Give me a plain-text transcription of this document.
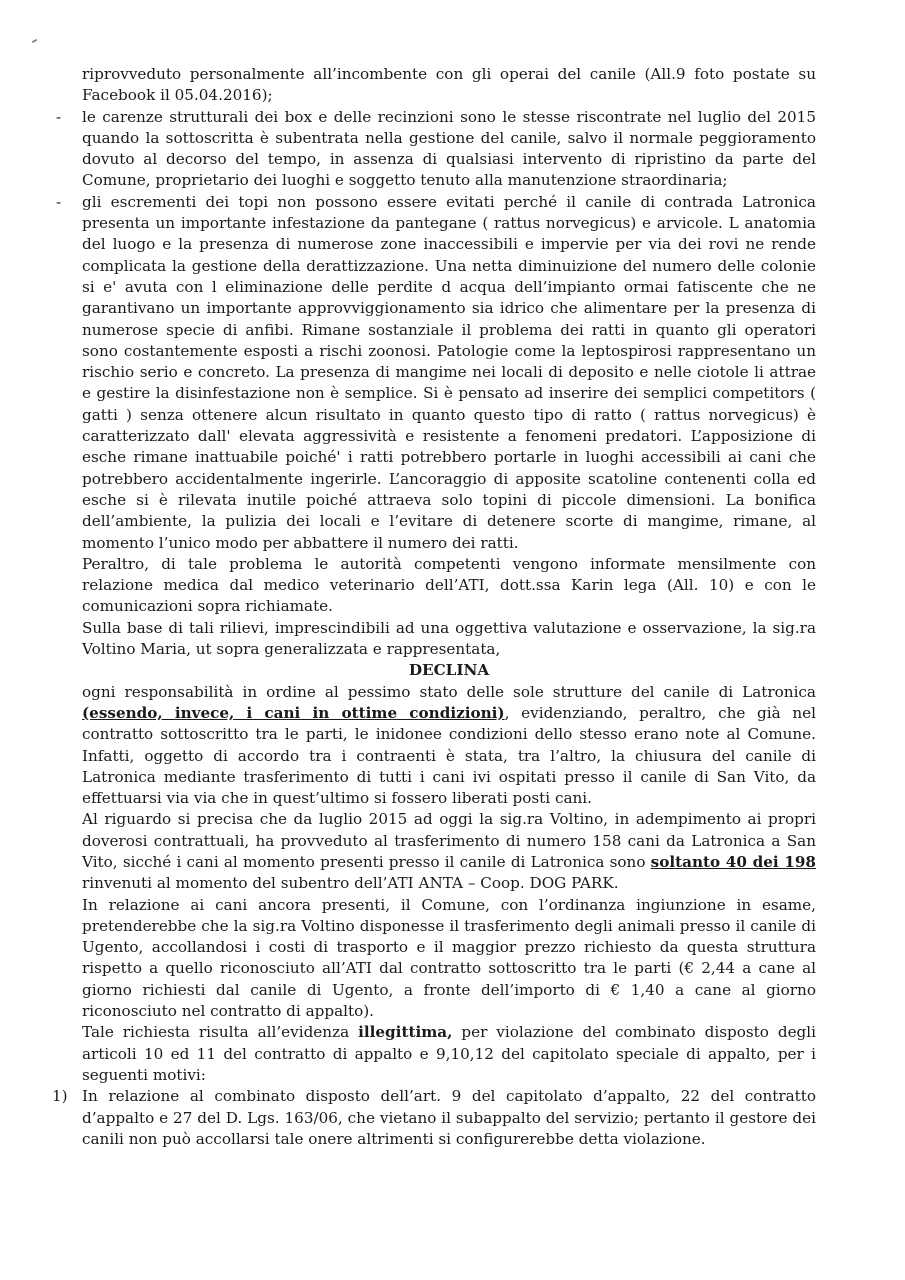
riprovveduto personalmente all’incombente con gli operai del canile (All.9 foto postate su Facebook il 05.04.2016);

- le carenze strutturali dei box e delle recinzioni sono le stesse riscontrate nel luglio del 2015 quando la sottoscritta è subentrata nella gestione del canile, salvo il normale peggioramento dovuto al decorso del tempo, in assenza di qualsiasi intervento di ripristino da parte del Comune, proprietario dei luoghi e soggetto tenuto alla manutenzione straordinaria;

- gli escrementi dei topi non possono essere evitati perché il canile di contrada Latronica presenta un importante infestazione da pantegane ( rattus norvegicus) e arvicole. L anatomia del luogo e la presenza di numerose zone inaccessibili e impervie per via dei rovi ne rende complicata la gestione della derattizzazione. Una netta diminuizione del numero delle colonie si e' avuta con l eliminazione delle perdite d acqua dell’impianto ormai fatiscente che ne garantivano un importante approvviggionamento sia idrico che alimentare per la presenza di numerose specie di anfibi. Rimane sostanziale il problema dei ratti in quanto gli operatori sono costantemente esposti a rischi zoonosi. Patologie come la leptospirosi rappresentano un rischio serio e concreto. La presenza di mangime nei locali di deposito e nelle ciotole li attrae e gestire la disinfestazione non è semplice. Si è pensato ad inserire dei semplici competitors ( gatti ) senza ottenere alcun risultato in quanto questo tipo di ratto ( rattus norvegicus) è caratterizzato dall' elevata aggressività e resistente a fenomeni predatori. L’apposizione di esche rimane inattuabile poiché' i ratti potrebbero portarle in luoghi accessibili ai cani che potrebbero accidentalmente ingerirle. L’ancoraggio di apposite scatoline contenenti colla ed esche si è rilevata inutile poiché attraeva solo topini di piccole dimensioni. La bonifica dell’ambiente, la pulizia dei locali e l’evitare di detenere scorte di mangime, rimane, al momento l’unico modo per abbattere il numero dei ratti.

Peraltro, di tale problema le autorità competenti vengono informate mensilmente con relazione medica dal medico veterinario dell’ATI, dott.ssa Karin lega (All. 10) e con le comunicazioni sopra richiamate.

Sulla base di tali rilievi, imprescindibili ad una oggettiva valutazione e osservazione, la sig.ra Voltino Maria, ut sopra generalizzata e rappresentata,

DECLINA

ogni responsabilità in ordine al pessimo stato delle sole strutture del canile di Latronica (essendo, invece, i cani in ottime condizioni), evidenziando, peraltro, che già nel contratto sottoscritto tra le parti, le inidonee condizioni dello stesso erano note al Comune. Infatti, oggetto di accordo tra i contraenti è stata, tra l’altro, la chiusura del canile di Latronica mediante trasferimento di tutti i cani ivi ospitati presso il canile di San Vito, da effettuarsi via via che in quest’ultimo si fossero liberati posti cani.

Al riguardo si precisa che da luglio 2015 ad oggi la sig.ra Voltino, in adempimento ai propri doverosi contrattuali, ha provveduto al trasferimento di numero 158 cani da Latronica a San Vito, sicché i cani al momento presenti presso il canile di Latronica sono soltanto 40 dei 198 rinvenuti al momento del subentro dell’ATI ANTA – Coop. DOG PARK.

In relazione ai cani ancora presenti, il Comune, con l’ordinanza ingiunzione in esame, pretenderebbe che la sig.ra Voltino disponesse il trasferimento degli animali presso il canile di Ugento, accollandosi i costi di trasporto e il maggior prezzo richiesto da questa struttura rispetto a quello riconosciuto all’ATI dal contratto sottoscritto tra le parti (€ 2,44 a cane al giorno richiesti dal canile di Ugento, a fronte dell’importo di € 1,40 a cane al giorno riconosciuto nel contratto di appalto).

Tale richiesta risulta all’evidenza illegittima, per violazione del combinato disposto degli articoli 10 ed 11 del contratto di appalto e 9,10,12 del capitolato speciale di appalto, per i seguenti motivi:

1) In relazione al combinato disposto dell’art. 9 del capitolato d’appalto, 22 del contratto d’appalto e 27 del D. Lgs. 163/06, che vietano il subappalto del servizio; pertanto il gestore dei canili non può accollarsi tale onere altrimenti si configurerebbe detta violazione.
